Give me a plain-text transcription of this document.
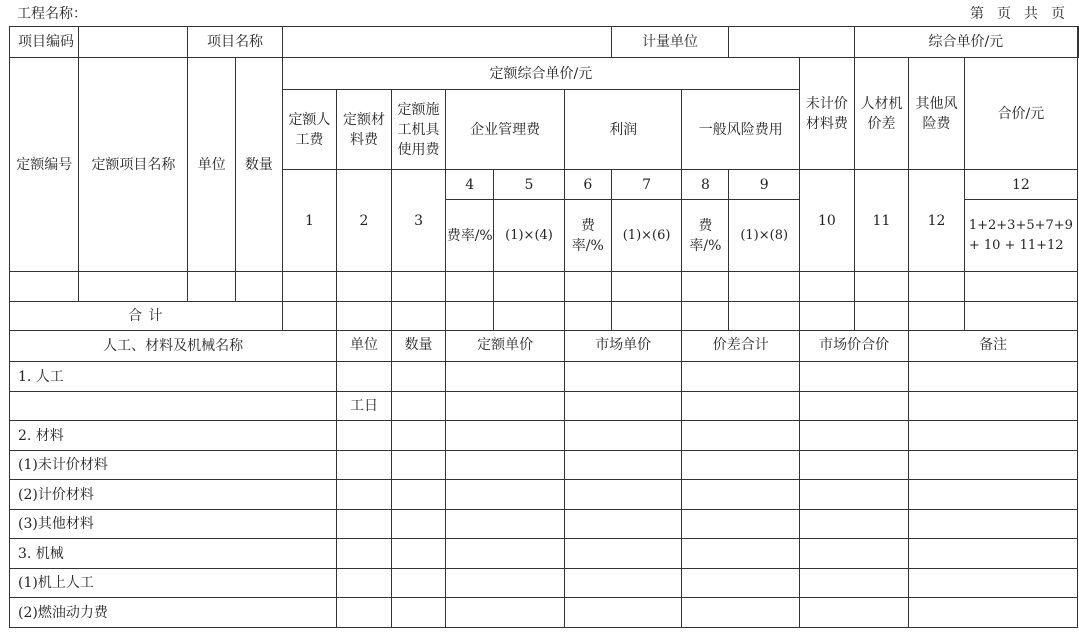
工程名称：	第 页 共 页
项目编码		项目名称								计量单位				综合单价/元			
定额编号	定额项目名称	单位	数量	定额综合单价/元									未计价材料费	人材机价差	其他风险费	合价/元	
				定额人工费	定额材料费	定额施工机具使用费	企业管理费		利润		一般风险费用						

				1	2	3	4	5	6	7	8	9	10	11	12	12	
							费率/%	(1)×(4)	费率/%	(1)×(6)	费率/%	(1)×(8)				1+2+3+5+7+9 + 10 + 11+12	

合 计																	
人工、材料及机械名称					单位	数量	定额单价		市场单价		价差合计		市场价合价		备注		
1. 人工																	
					工日												
2. 材料																	
(1)未计价材料																	
(2)计价材料																	
(3)其他材料																	
3. 机械																	
(1)机上人工																	
(2)燃油动力费																	
